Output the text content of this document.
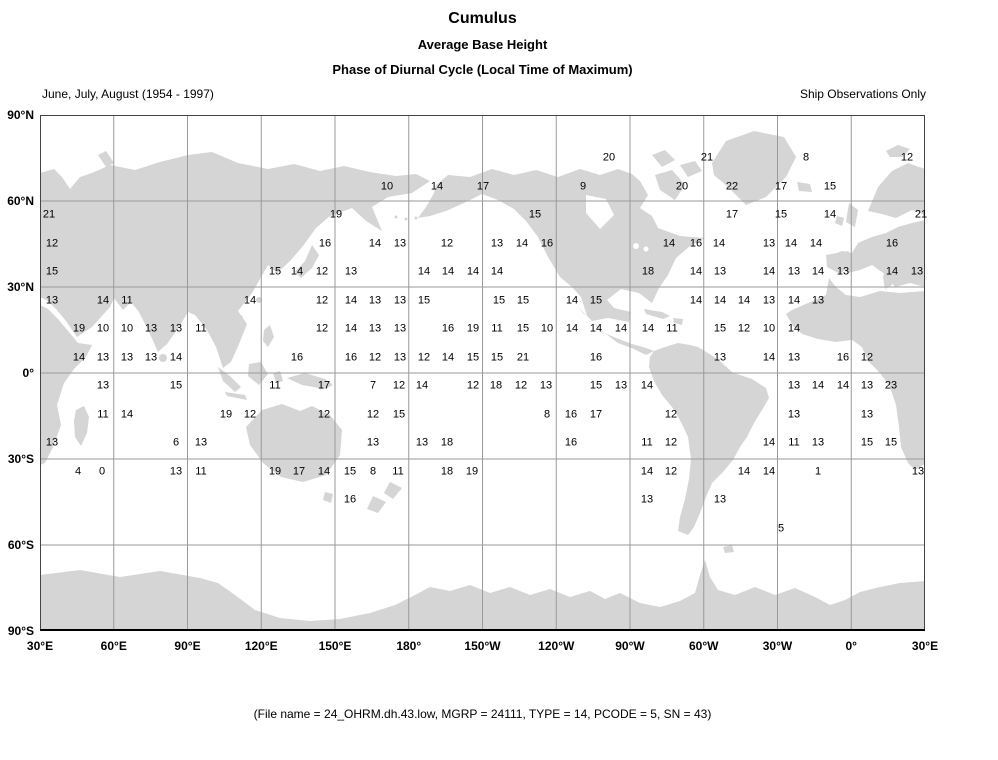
Cumulus
Average Base Height
Phase of Diurnal Cycle (Local Time of Maximum)
June, July, August (1954 - 1997)	Ship Observations Only
90°N
60°N
30°N
0°
30°S
60°S
90°S
20	21	8	12
10	14	17	9	20	22	17	15
21	19	15	17	15	14	21
12	16	14 13	12	13 14 16	14 16 14	13 14 14	16
15	15 14 12 13	14 14 14 14	18	14 13	14 13 14 13	14 13
13	14 11	14	12 14 13 13 15	15 15	14 15	14 14 14 13 14 13
19 10 10 13 13 11	12 14 13 13	16 19 11 15 10 14 14 14 14 11	15 12 10 14
14 13 13 13 14	16	16 12 13 12 14 15 15 21	16	13	14 13	16 12
13	15	11	17	7 12 14	12 18 12 13	15 13 14	13 14 14 13 23
11 14	19 12	12	12 15	8 16 17	12	13	13
13	6 13	13	13 18	16	11 12	14 11 13	15 15
4 0	13 11	19 17 14 15 8 11	18 19	14 12	14 14	1	13
16	13	13
5
30°E	60°E	90°E	120°E	150°E	180°	150°W	120°W	90°W	60°W	30°W	0°	30°E
(File name = 24_OHRM.dh.43.low, MGRP = 24111, TYPE = 14, PCODE = 5, SN = 43)
